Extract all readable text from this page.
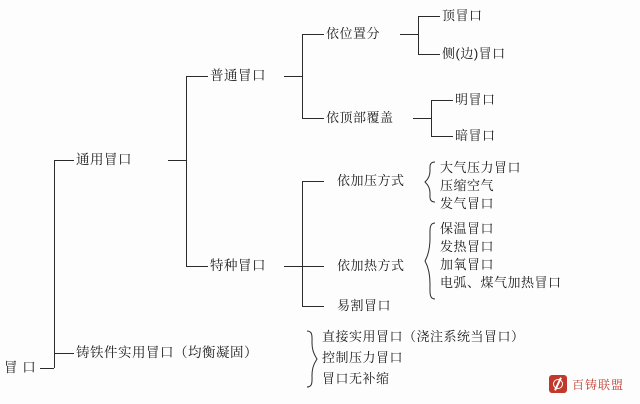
冒 口
通用冒口
铸铁件实用冒口（均衡凝固）
普通冒口
特种冒口
依位置分
依顶部覆盖
依加压方式
依加热方式
易割冒口
顶冒口
侧(边)冒口
明冒口
暗冒口
大气压力冒口
压缩空气
发气冒口
保温冒口
发热冒口
加氧冒口
电弧、煤气加热冒口
直接实用冒口（浇注系统当冒口）
控制压力冒口
冒口无补缩	百铸联盟
